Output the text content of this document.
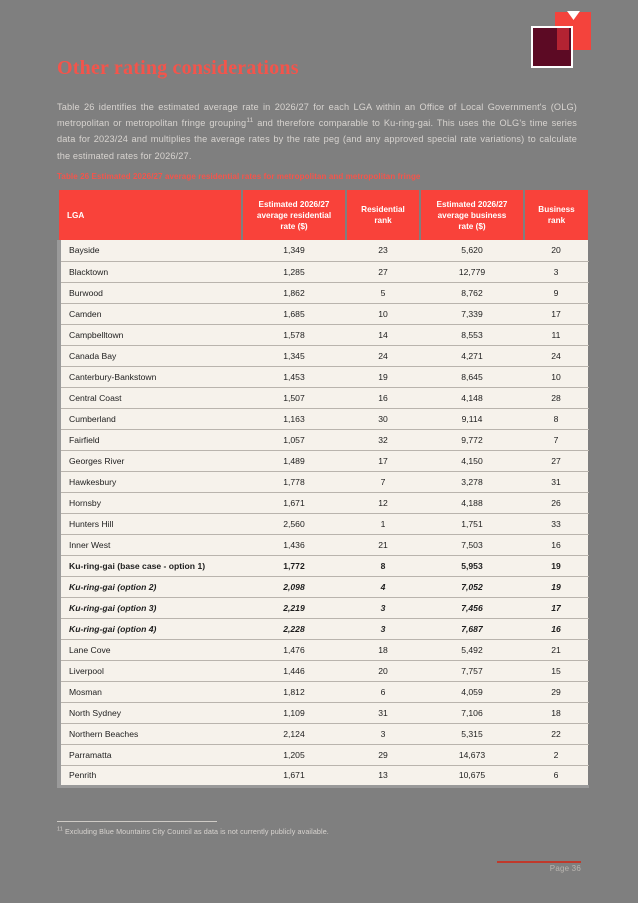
Other rating considerations
Table 26 identifies the estimated average rate in 2026/27 for each LGA within an Office of Local Government's (OLG) metropolitan or metropolitan fringe grouping$^{11}$ and therefore comparable to Ku-ring-gai. This uses the OLG's time series data for 2023/24 and multiplies the average rates by the rate peg (and any approved special rate variations) to calculate the estimated rates for 2026/27.
Table 26 Estimated 2026/27 average residential rates for metropolitan and metropolitan fringe
LGA	Estimated 2026/27 average residential rate ($)	Residential rank	Estimated 2026/27 average business rate ($)	Business rank
Bayside	1,349	23	5,620	20
Blacktown	1,285	27	12,779	3
Burwood	1,862	5	8,762	9
Camden	1,685	10	7,339	17
Campbelltown	1,578	14	8,553	11
Canada Bay	1,345	24	4,271	24
Canterbury-Bankstown	1,453	19	8,645	10
Central Coast	1,507	16	4,148	28
Cumberland	1,163	30	9,114	8
Fairfield	1,057	32	9,772	7
Georges River	1,489	17	4,150	27
Hawkesbury	1,778	7	3,278	31
Hornsby	1,671	12	4,188	26
Hunters Hill	2,560	1	1,751	33
Inner West	1,436	21	7,503	16
Ku-ring-gai (base case - option 1)	1,772	8	5,953	19
Ku-ring-gai (option 2)	2,098	4	7,052	19
Ku-ring-gai (option 3)	2,219	3	7,456	17
Ku-ring-gai (option 4)	2,228	3	7,687	16
Lane Cove	1,476	18	5,492	21
Liverpool	1,446	20	7,757	15
Mosman	1,812	6	4,059	29
North Sydney	1,109	31	7,106	18
Northern Beaches	2,124	3	5,315	22
Parramatta	1,205	29	14,673	2
Penrith	1,671	13	10,675	6
$^{11}$ Excluding Blue Mountains City Council as data is not currently publicly available.
Page 36
